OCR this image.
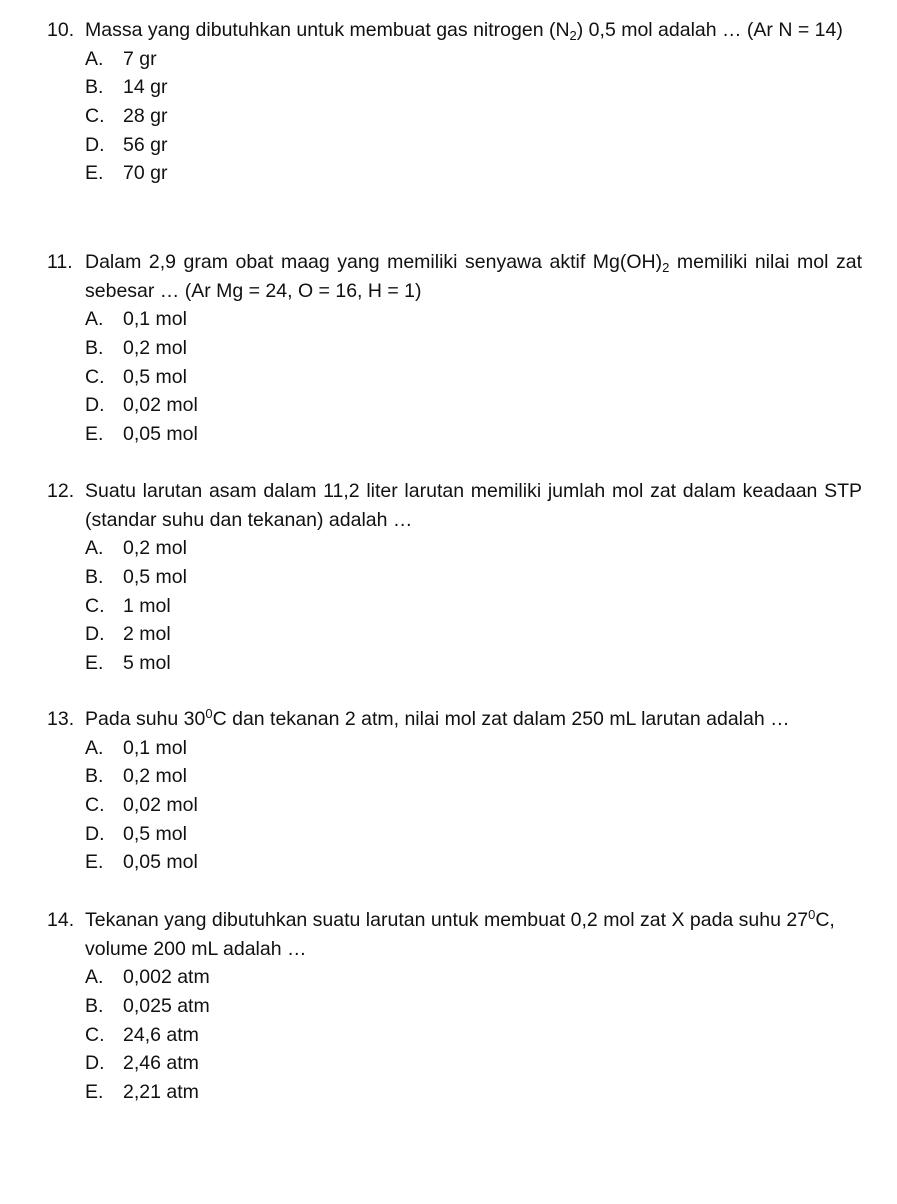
10. Massa yang dibutuhkan untuk membuat gas nitrogen $(N_2)$ 0,5 mol adalah … (Ar N = 14)
A.	7 gr
B.	14 gr
C. 28 gr
D. 56 gr
E.	70 gr
11. Dalam 2,9 gram obat maag yang memiliki senyawa aktif $Mg(OH)_2$ memiliki nilai mol zat sebesar … (Ar Mg = 24, O = 16, H = 1)
A.	0,1 mol
B.	0,2 mol
C. 0,5 mol
D. 0,02 mol
E.	0,05 mol
12. Suatu larutan asam dalam 11,2 liter larutan memiliki jumlah mol zat dalam keadaan STP (standar suhu dan tekanan) adalah …
A.	0,2 mol
B.	0,5 mol
C. 1 mol
D. 2 mol
E.	5 mol
13. Pada suhu $30^0C$ dan tekanan 2 atm, nilai mol zat dalam 250 mL larutan adalah …
A.	0,1 mol
B.	0,2 mol
C. 0,02 mol
D. 0,5 mol
E.	0,05 mol
14. Tekanan yang dibutuhkan suatu larutan untuk membuat 0,2 mol zat X pada suhu $27^0C$, volume 200 mL adalah …
A.	0,002 atm
B.	0,025 atm
C. 24,6 atm
D. 2,46 atm
E.	2,21 atm
